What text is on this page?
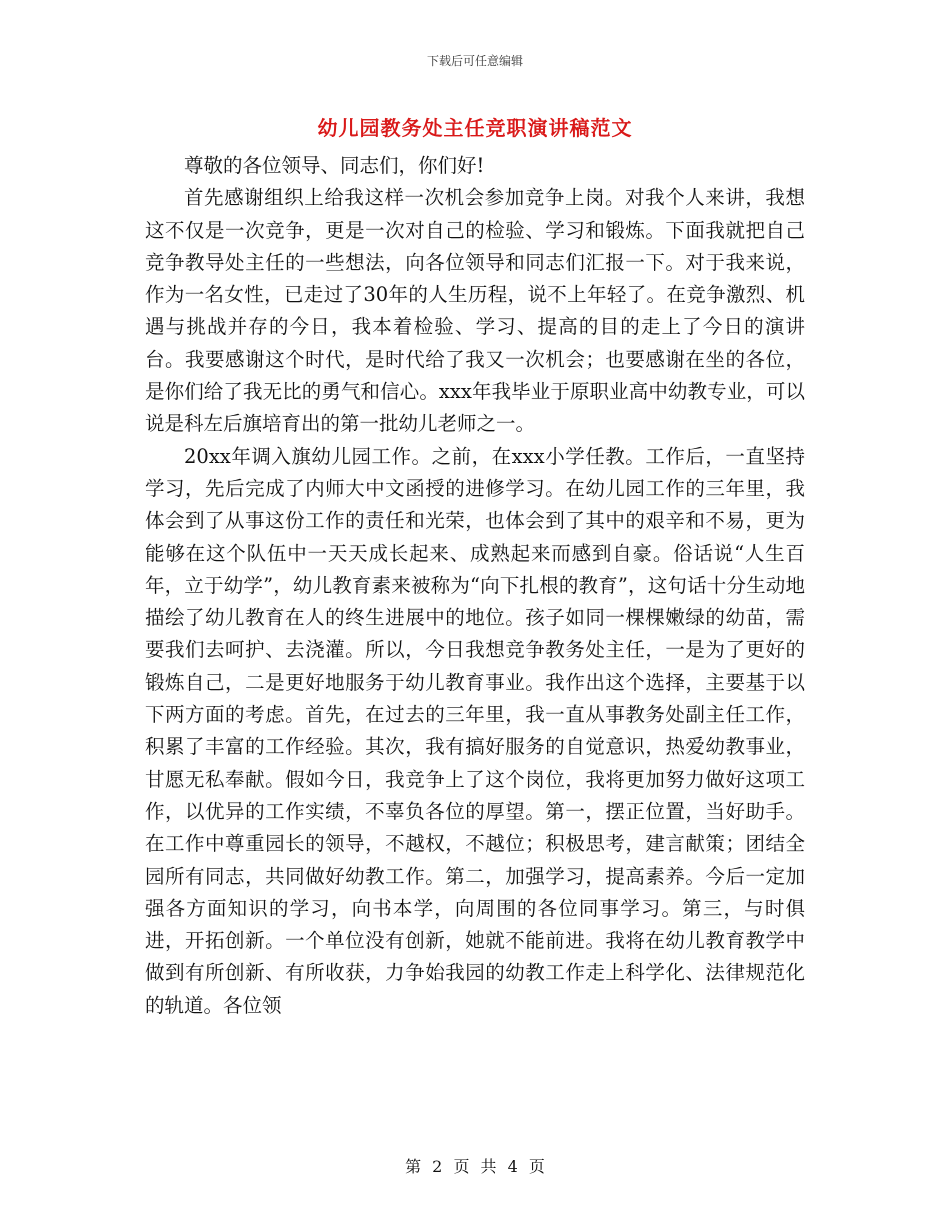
下载后可任意编辑
幼儿园教务处主任竞职演讲稿范文

尊敬的各位领导、同志们，你们好!

首先感谢组织上给我这样一次机会参加竞争上岗。对我个人来讲，我想这不仅是一次竞争，更是一次对自己的检验、学习和锻炼。下面我就把自己竞争教导处主任的一些想法，向各位领导和同志们汇报一下。对于我来说，作为一名女性，已走过了30年的人生历程，说不上年轻了。在竞争激烈、机遇与挑战并存的今日，我本着检验、学习、提高的目的走上了今日的演讲台。我要感谢这个时代，是时代给了我又一次机会；也要感谢在坐的各位，是你们给了我无比的勇气和信心。xxx年我毕业于原职业高中幼教专业，可以说是科左后旗培育出的第一批幼儿老师之一。

20xx年调入旗幼儿园工作。之前，在xxx小学任教。工作后，一直坚持学习，先后完成了内师大中文函授的进修学习。在幼儿园工作的三年里，我体会到了从事这份工作的责任和光荣，也体会到了其中的艰辛和不易，更为能够在这个队伍中一天天成长起来、成熟起来而感到自豪。俗话说“人生百年，立于幼学”，幼儿教育素来被称为“向下扎根的教育”，这句话十分生动地描绘了幼儿教育在人的终生进展中的地位。孩子如同一棵棵嫩绿的幼苗，需要我们去呵护、去浇灌。所以，今日我想竞争教务处主任，一是为了更好的锻炼自己，二是更好地服务于幼儿教育事业。我作出这个选择，主要基于以下两方面的考虑。首先，在过去的三年里，我一直从事教务处副主任工作，积累了丰富的工作经验。其次，我有搞好服务的自觉意识，热爱幼教事业，甘愿无私奉献。假如今日，我竞争上了这个岗位，我将更加努力做好这项工作，以优异的工作实绩，不辜负各位的厚望。第一，摆正位置，当好助手。在工作中尊重园长的领导，不越权，不越位；积极思考，建言献策；团结全园所有同志，共同做好幼教工作。第二，加强学习，提高素养。今后一定加强各方面知识的学习，向书本学，向周围的各位同事学习。第三，与时俱进，开拓创新。一个单位没有创新，她就不能前进。我将在幼儿教育教学中做到有所创新、有所收获，力争始我园的幼教工作走上科学化、法律规范化的轨道。各位领

第 2 页 共 4 页
